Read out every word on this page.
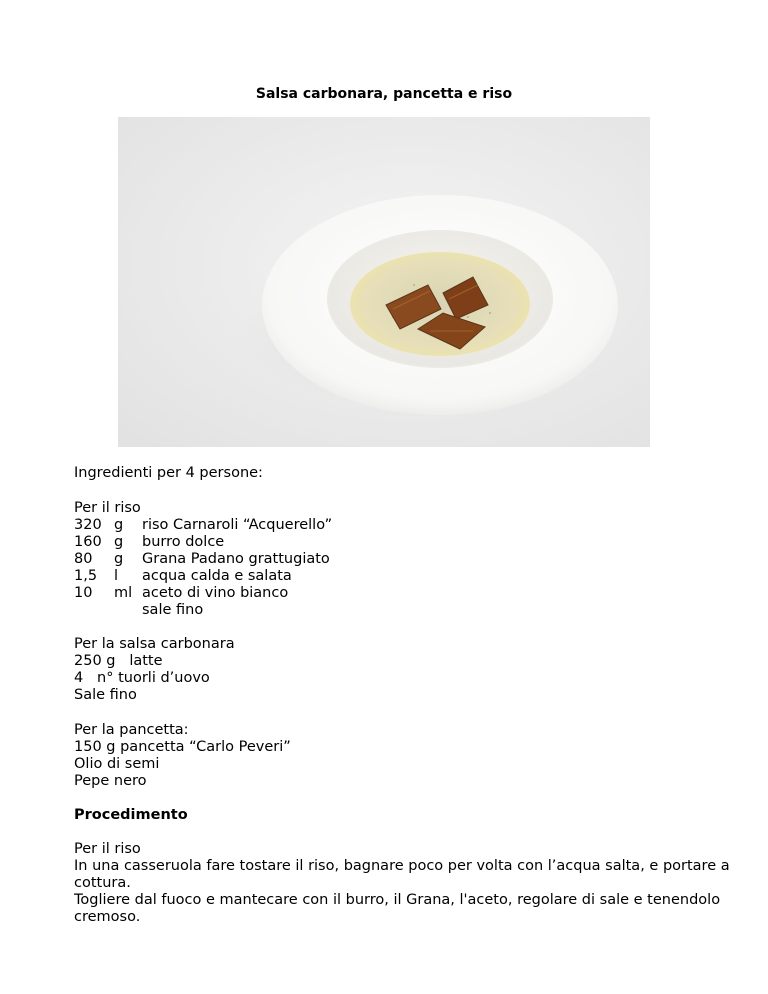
Salsa carbonara, pancetta e riso
Ingredienti per 4 persone:
Per il riso
320 g	riso Carnaroli “Acquerello”
160 g	burro dolce
80	g	Grana Padano grattugiato
1,5	l	acqua calda e salata
10	ml aceto di vino bianco
sale fino
Per la salsa carbonara
250 g   latte
4   n° tuorli d’uovo
Sale fino
Per la pancetta:
150 g pancetta “Carlo Peveri”
Olio di semi
Pepe nero
Procedimento
Per il riso
In una casseruola fare tostare il riso, bagnare poco per volta con l’acqua salta, e portare a
cottura.
Togliere dal fuoco e mantecare con il burro, il Grana, l'aceto, regolare di sale e tenendolo
cremoso.
